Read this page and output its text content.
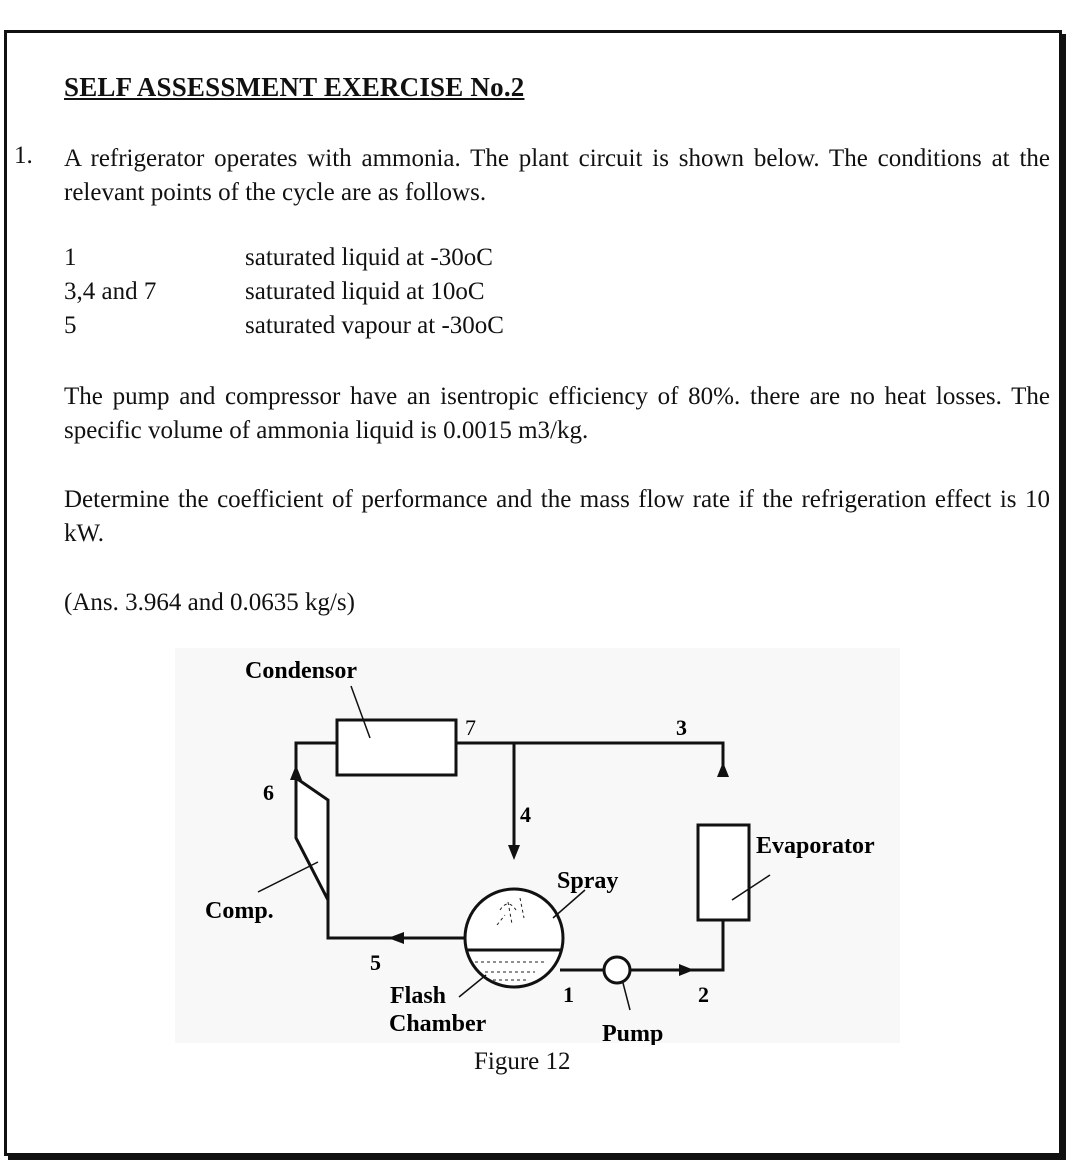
SELF ASSESSMENT EXERCISE No.2
1. A refrigerator operates with ammonia. The plant circuit is shown below. The conditions at the relevant points of the cycle are as follows.
1	saturated liquid at -30oC
3,4 and 7	saturated liquid at 10oC
5	saturated vapour at -30oC
The pump and compressor have an isentropic efficiency of 80%. there are no heat losses. The specific volume of ammonia liquid is 0.0015 m3/kg.
Determine the coefficient of performance and the mass flow rate if the refrigeration effect is 10 kW.
(Ans. 3.964 and 0.0635 kg/s)
Condensor
Evaporator
Comp.
Spray
Flash
Chamber	Pump
1	2
3
4
5
6
7
Figure 12
